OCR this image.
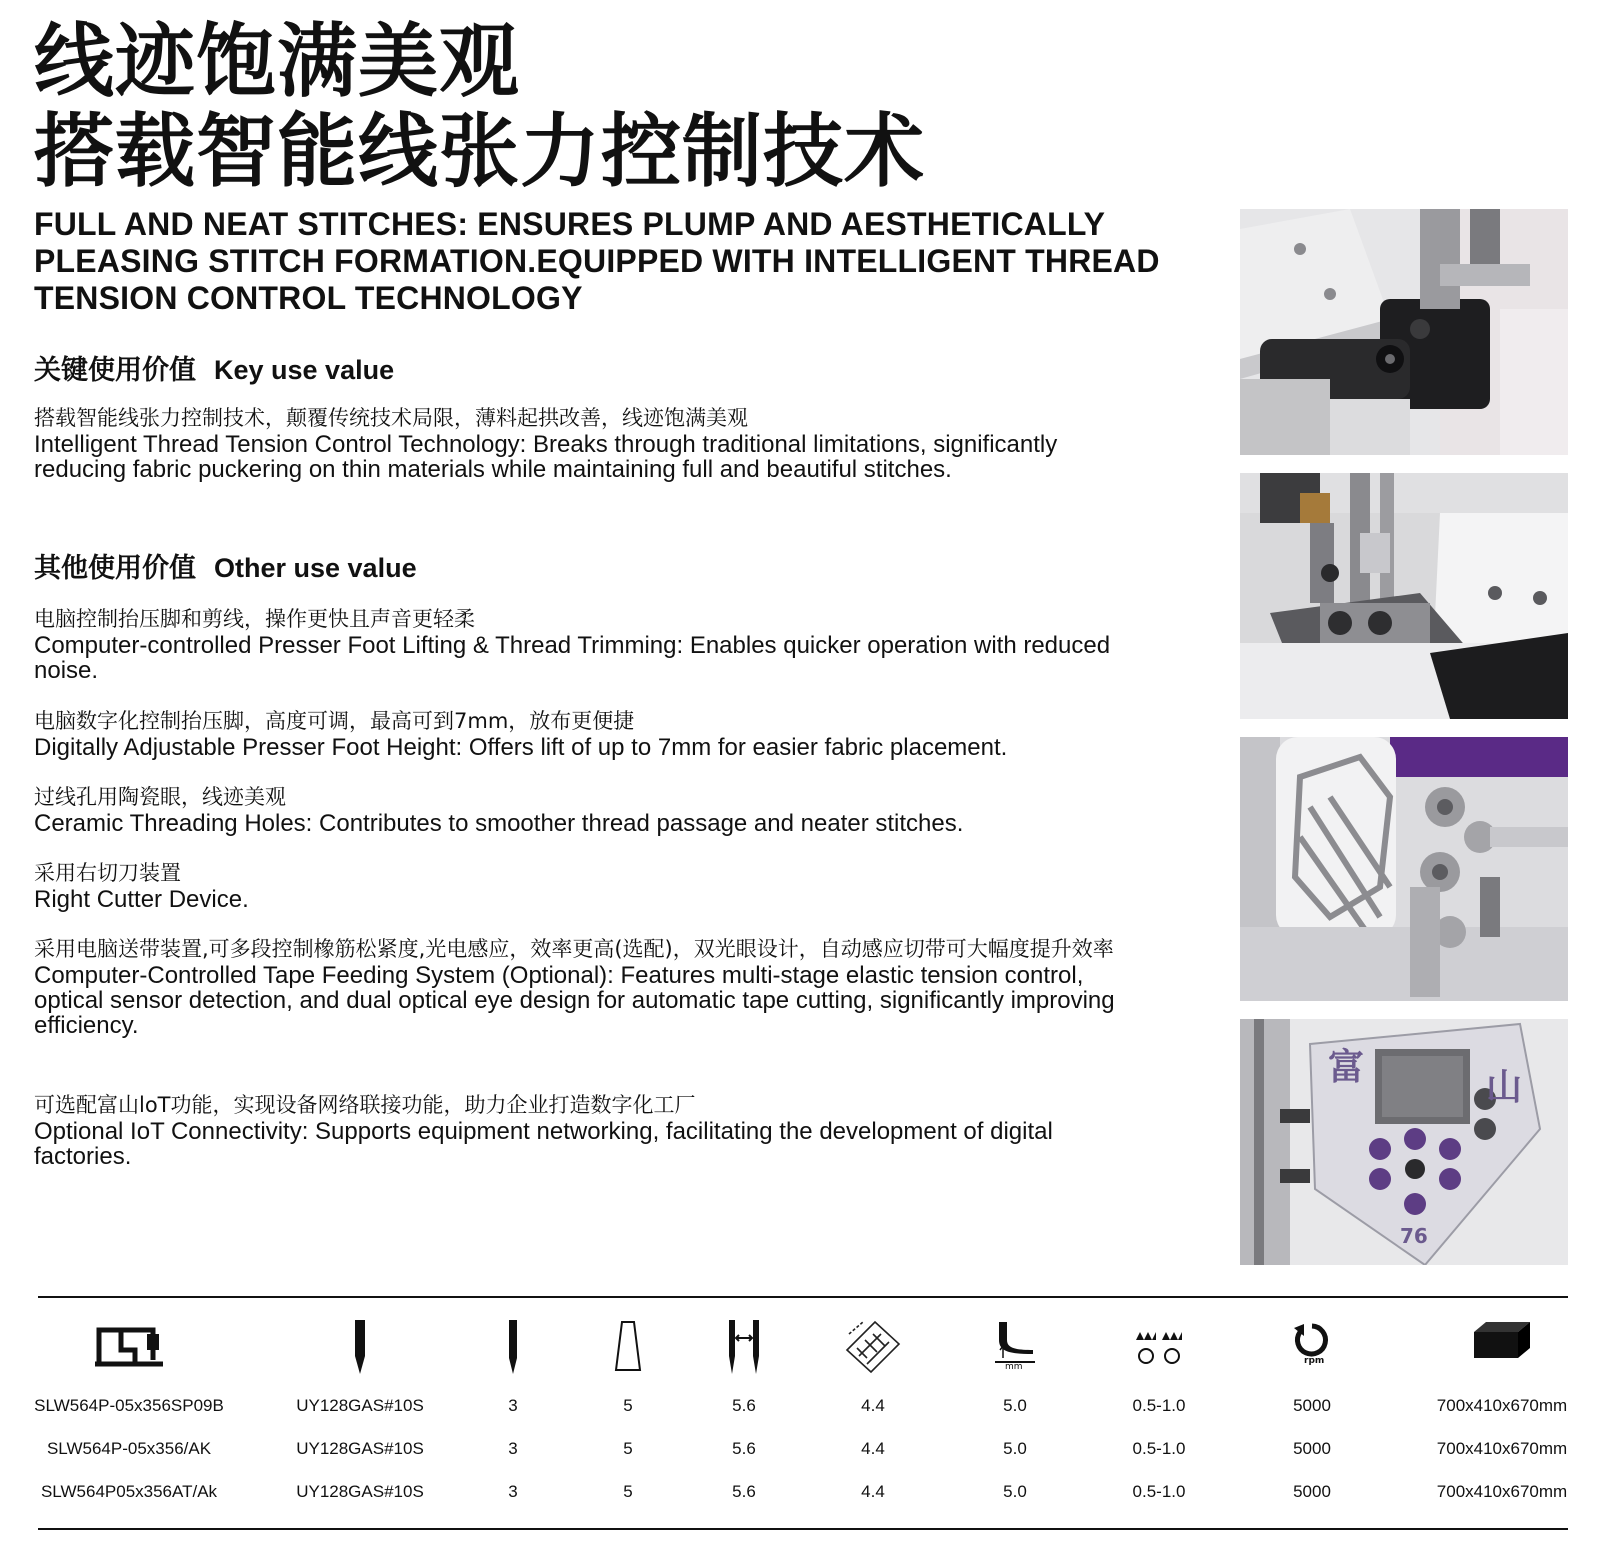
线迹饱满美观
搭载智能线张力控制技术
FULL AND NEAT STITCHES: ENSURES PLUMP AND AESTHETICALLY PLEASING STITCH FORMATION.EQUIPPED WITH INTELLIGENT THREAD TENSION CONTROL TECHNOLOGY
关键使用价值 Key use value
搭载智能线张力控制技术，颠覆传统技术局限，薄料起拱改善，线迹饱满美观
Intelligent Thread Tension Control Technology: Breaks through traditional limitations, significantly reducing fabric puckering on thin materials while maintaining full and beautiful stitches.
其他使用价值 Other use value
电脑控制抬压脚和剪线，操作更快且声音更轻柔
Computer-controlled Presser Foot Lifting & Thread Trimming: Enables quicker operation with reduced noise.
电脑数字化控制抬压脚，高度可调，最高可到7mm，放布更便捷
Digitally Adjustable Presser Foot Height: Offers lift of up to 7mm for easier fabric placement.
过线孔用陶瓷眼，线迹美观
Ceramic Threading Holes: Contributes to smoother thread passage and neater stitches.
采用右切刀装置
Right Cutter Device.
采用电脑送带装置,可多段控制橡筋松紧度,光电感应，效率更高(选配)，双光眼设计，自动感应切带可大幅度提升效率
Computer-Controlled Tape Feeding System (Optional): Features multi-stage elastic tension control, optical sensor detection, and dual optical eye design for automatic tape cutting, significantly improving efficiency.
可选配富山loT功能，实现设备网络联接功能，助力企业打造数字化工厂
Optional IoT Connectivity: Supports equipment networking, facilitating the development of digital factories.
富	山
76
mm
rpm
SLW564P-05x356SP09B	UY128GAS#10S	3	5	5.6	4.4	5.0	0.5-1.0	5000	700x410x670mm
SLW564P-05x356/AK	UY128GAS#10S	3	5	5.6	4.4	5.0	0.5-1.0	5000	700x410x670mm
SLW564P05x356AT/Ak	UY128GAS#10S	3	5	5.6	4.4	5.0	0.5-1.0	5000	700x410x670mm
